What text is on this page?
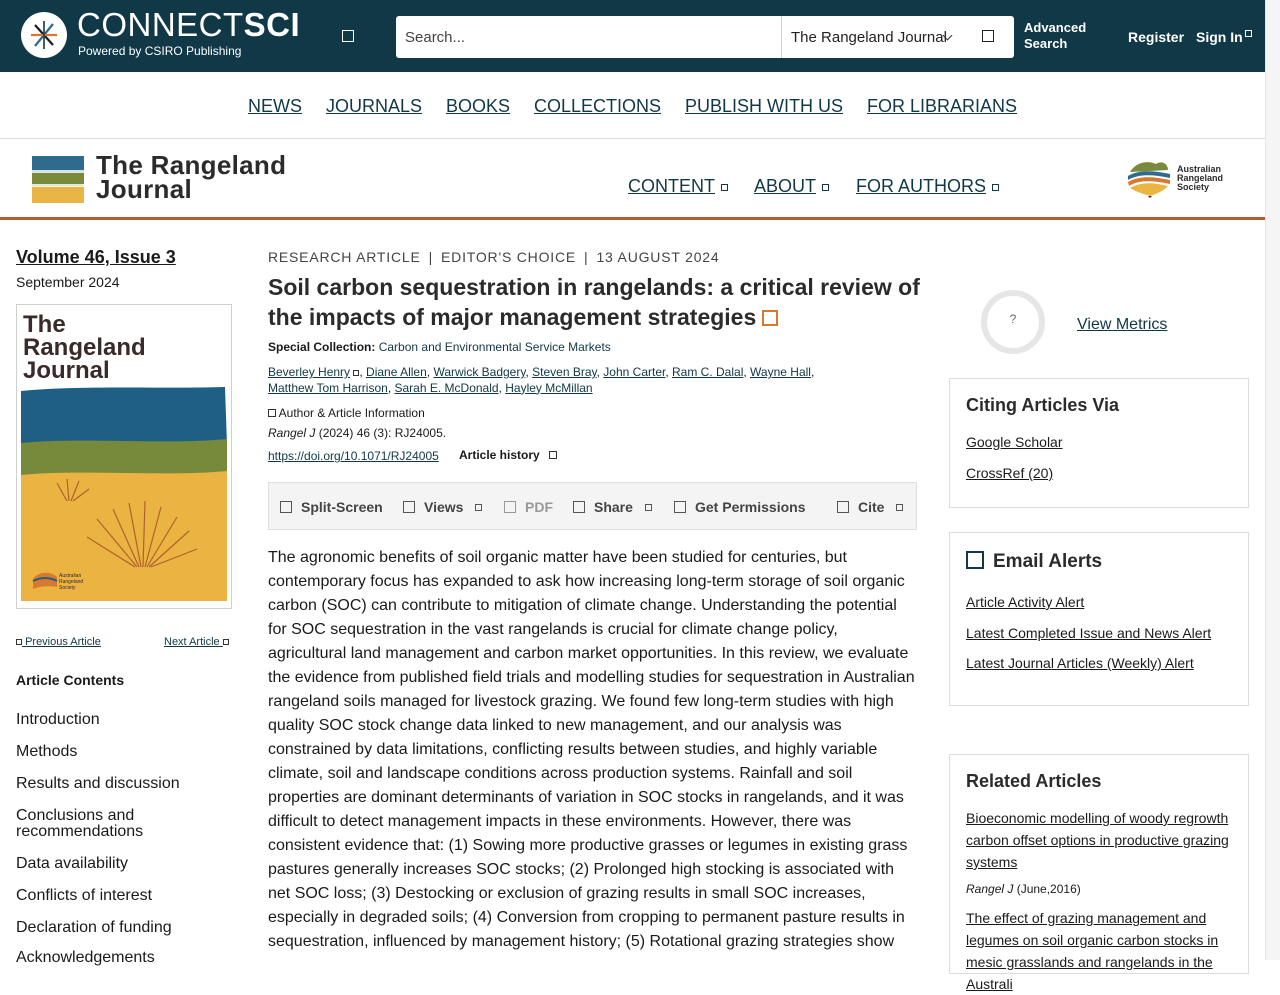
CONNECTSCI
Powered by CSIRO Publishing
Search...
The Rangeland Journal
Advanced Search	Register Sign In
NEWS JOURNALS BOOKS COLLECTIONS PUBLISH WITH US FOR LIBRARIANS
The Rangeland
Journal	CONTENT	ABOUT	FOR AUTHORS
Australian
Rangeland
Society
Volume 46, Issue 3
September 2024
The
Rangeland
Journal
Australian Rangeland Society
Previous Article	Next Article
Article Contents
Introduction
Methods
Results and discussion
Conclusions and recommendations
Data availability
Conflicts of interest
Declaration of funding
Acknowledgements
RESEARCH ARTICLE | EDITOR'S CHOICE | 13 AUGUST 2024
Soil carbon sequestration in rangelands: a critical review of the impacts of major management strategies
Special Collection: Carbon and Environmental Service Markets
Beverley Henry , Diane Allen, Warwick Badgery, Steven Bray, John Carter, Ram C. Dalal, Wayne Hall,
Matthew Tom Harrison, Sarah E. McDonald, Hayley McMillan
Author & Article Information
Rangel J (2024) 46 (3): RJ24005.
https://doi.org/10.1071/RJ24005 Article history
Split-Screen	Views	PDF	Share	Get Permissions	Cite
The agronomic benefits of soil organic matter have been studied for centuries, but contemporary focus has expanded to ask how increasing long-term storage of soil organic carbon (SOC) can contribute to mitigation of climate change. Understanding the potential for SOC sequestration in the vast rangelands is crucial for climate change policy, agricultural land management and carbon market opportunities. In this review, we evaluate the evidence from published field trials and modelling studies for sequestration in Australian rangeland soils managed for livestock grazing. We found few long-term studies with high quality SOC stock change data linked to new management, and our analysis was constrained by data limitations, conflicting results between studies, and highly variable climate, soil and landscape conditions across production systems. Rainfall and soil properties are dominant determinants of variation in SOC stocks in rangelands, and it was difficult to detect management impacts in these environments. However, there was consistent evidence that: (1) Sowing more productive grasses or legumes in existing grass pastures generally increases SOC stocks; (2) Prolonged high stocking is associated with net SOC loss; (3) Destocking or exclusion of grazing results in small SOC increases, especially in degraded soils; (4) Conversion from cropping to permanent pasture results in sequestration, influenced by management history; (5) Rotational grazing strategies show
?	View Metrics
Citing Articles Via
Google Scholar
CrossRef (20)
Email Alerts
Article Activity Alert
Latest Completed Issue and News Alert
Latest Journal Articles (Weekly) Alert
Related Articles
Bioeconomic modelling of woody regrowth carbon offset options in productive grazing systems
Rangel J (June,2016)
The effect of grazing management and legumes on soil organic carbon stocks in mesic grasslands and rangelands in the Australi
